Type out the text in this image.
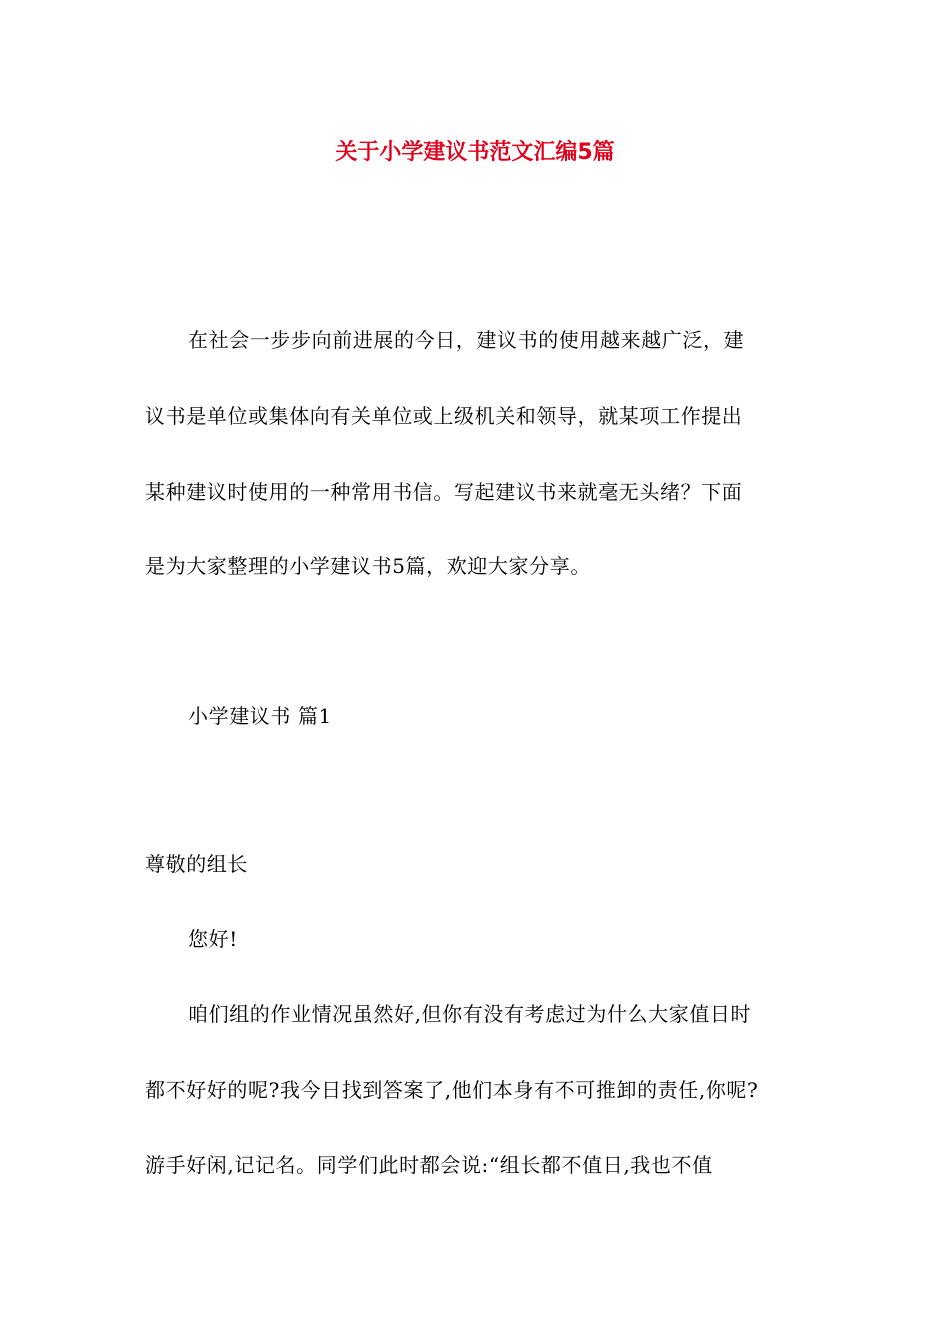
关于小学建议书范文汇编5篇
在社会一步步向前进展的今日，建议书的使用越来越广泛，建
议书是单位或集体向有关单位或上级机关和领导，就某项工作提出
某种建议时使用的一种常用书信。写起建议书来就毫无头绪？下面
是为大家整理的小学建议书5篇，欢迎大家分享。
小学建议书 篇1
尊敬的组长
您好!
咱们组的作业情况虽然好,但你有没有考虑过为什么大家值日时
都不好好的呢?我今日找到答案了,他们本身有不可推卸的责任,你呢?
游手好闲,记记名。同学们此时都会说:“组长都不值日,我也不值
